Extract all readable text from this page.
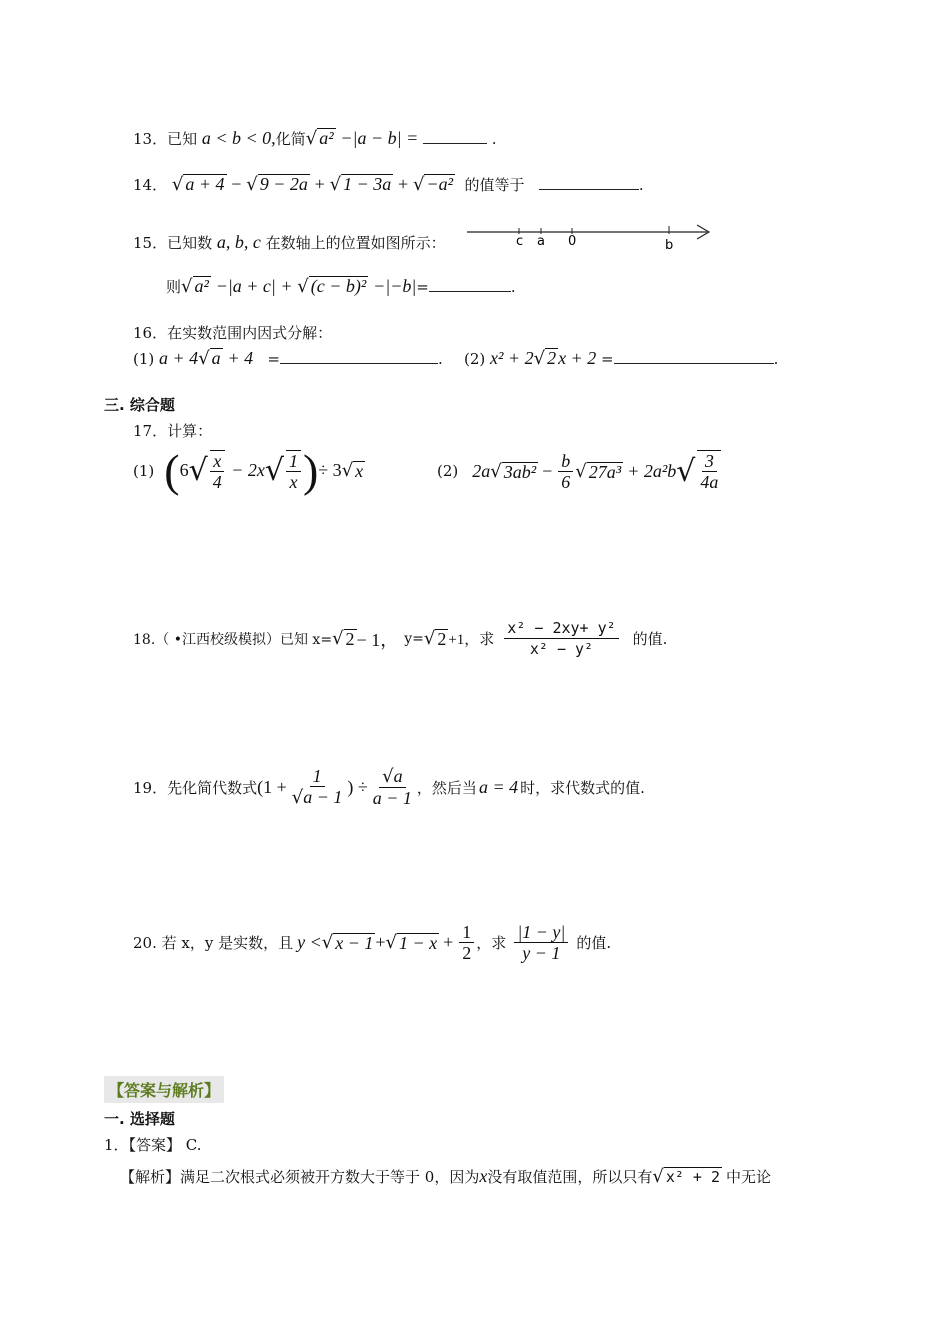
13．已知 a < b < 0,化简√ a² −|a − b| =	.
14． √ a + 4 − √ 9 − 2a + √ 1 − 3a + √ −a² 的值等于	.
15．已知数 a, b, c 在数轴上的位置如图所示：	c a 0	b
则√ a² −|a + c| + √ (c − b)² −|−b|=	.
16．在实数范围内因式分解：
(1) a + 4√ a + 4 =	. (2) x² + 2√ 2 x + 2 =	.
三. 综合题
17．计算：
(1) ( 6 √ $\frac{x}{4} - 2x$ √ $\frac{1}{x}$ ) ÷ 3 √ x	(2) 2a √ $3ab^2 - \frac{b}{6}$ √ 27a³ + 2a²b √ $\frac{3}{4a}$
18.（ •江西校级模拟）已知 x= √ 2 − 1， y= √ 2 +1，求 $\frac{\text{x² − 2xy+ y²}}{\text{x² − y²}}$ 的值.
19．先化简代数式 ($1 + \frac{1}{√a - 1}$ ) ÷ $\frac{√a}{a - 1}$ ，然后当 a = 4 时，求代数式的值.
20. 若 x，y 是实数，且 y < √ x − 1 + √ $1 - x + \frac{1}{2}$ ，求 $\frac{|1 - y|}{y - 1}$ 的值.
【答案与解析】
一. 选择题
1．【答案】 C.
【解析】满足二次根式必须被开方数大于等于 0，因为x没有取值范围，所以只有√ x² + 2 中无论
